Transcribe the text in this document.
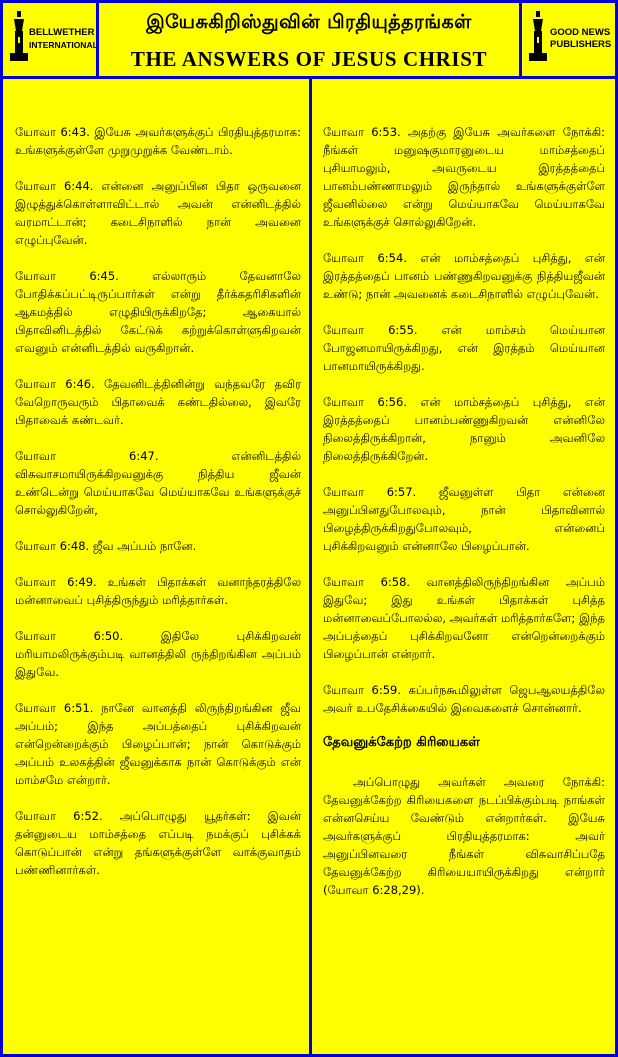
BELLWETHER
INTERNATIONAL
இயேசுகிறிஸ்துவின் பிரதியுத்தரங்கள்
THE ANSWERS OF JESUS CHRIST
GOOD NEWS
PUBLISHERS

யோவா 6:43. இயேசு அவர்களுக்குப் பிரதியுத்தரமாக: உங்களுக்குள்ளே முறுமுறுக்க வேண்டாம்.

யோவா 6:44. என்னை அனுப்பின பிதா ஒருவனை இழுத்துக்கொள்ளாவிட்டால் அவன் என்னிடத்தில் வரமாட்டான்; கடைசிநாளில் நான் அவனை எழுப்புவேன்.

யோவா 6:45. எல்லாரும் தேவனாலே போதிக்கப்பட்டிருப்பார்கள் என்று தீர்க்கதரிசிகளின் ஆகமத்தில் எழுதியிருக்கிறதே; ஆகையால் பிதாவினிடத்தில் கேட்டுக் கற்றுக்கொள்ளுகிறவன் எவனும் என்னிடத்தில் வருகிறான்.

யோவா 6:46. தேவனிடத்தினின்று வந்தவரே தவிர வேறொருவரும் பிதாவைக் கண்டதில்லை, இவரே பிதாவைக் கண்டவர்.

யோவா 6:47. என்னிடத்தில் விசுவாசமாயிருக்கிறவனுக்கு நித்திய ஜீவன் உண்டென்று மெய்யாகவே மெய்யாகவே உங்களுக்குச் சொல்லுகிறேன்,

யோவா 6:48. ஜீவ அப்பம் நானே.

யோவா 6:49. உங்கள் பிதாக்கள் வனாந்தரத்திலே மன்னாவைப் புசித்திருந்தும் மரித்தார்கள்.

யோவா 6:50. இதிலே புசிக்கிறவன் மரியாமலிருக்கும்படி வானத்திலி ருந்திறங்கின அப்பம் இதுவே.

யோவா 6:51. நானே வானத்தி லிருந்திறங்கின ஜீவ அப்பம்; இந்த அப்பத்தைப் புசிக்கிறவன் என்றென்றைக்கும் பிழைப்பான்; நான் கொடுக்கும் அப்பம் உலகத்தின் ஜீவனுக்காக நான் கொடுக்கும் என் மாம்சமே என்றார்.

யோவா 6:52. அப்பொழுது யூதர்கள்: இவன் தன்னுடைய மாம்சத்தை எப்படி நமக்குப் புசிக்கக் கொடுப்பான் என்று தங்களுக்குள்ளே வாக்குவாதம் பண்ணினார்கள்.

யோவா 6:53. அதற்கு இயேசு அவர்களை நோக்கி: நீங்கள் மனுஷகுமாரனுடைய மாம்சத்தைப் புசியாமலும், அவருடைய இரத்தத்தைப் பானம்பண்ணாமலும் இருந்தால் உங்களுக்குள்ளே ஜீவனில்லை என்று மெய்யாகவே மெய்யாகவே உங்களுக்குச் சொல்லுகிறேன்.

யோவா 6:54. என் மாம்சத்தைப் புசித்து, என் இரத்தத்தைப் பானம் பண்ணுகிறவனுக்கு நித்தியஜீவன் உண்டு; நான் அவனைக் கடைசிநாளில் எழுப்புவேன்.

யோவா 6:55. என் மாம்சம் மெய்யான போஜனமாயிருக்கிறது, என் இரத்தம் மெய்யான பானமாயிருக்கிறது.

யோவா 6:56. என் மாம்சத்தைப் புசித்து, என் இரத்தத்தைப் பானம்பண்ணுகிறவன் என்னிலே நிலைத்திருக்கிறான், நானும் அவனிலே நிலைத்திருக்கிறேன்.

யோவா 6:57. ஜீவனுள்ள பிதா என்னை அனுப்பினதுபோலவும், நான் பிதாவினால் பிழைத்திருக்கிறதுபோலவும், என்னைப் புசிக்கிறவனும் என்னாலே பிழைப்பான்.

யோவா 6:58. வானத்திலிருந்திறங்கின அப்பம் இதுவே; இது உங்கள் பிதாக்கள் புசித்த மன்னாவைப்போலல்ல, அவர்கள் மரித்தார்களே; இந்த அப்பத்தைப் புசிக்கிறவனோ என்றென்றைக்கும் பிழைப்பான் என்றார்.

யோவா 6:59. கப்பர்நகூமிலுள்ள ஜெபஆலயத்திலே அவர் உபதேசிக்கையில் இவைகளைச் சொன்னார்.

தேவனுக்கேற்ற கிரியைகள்

அப்பொழுது அவர்கள் அவரை நோக்கி: தேவனுக்கேற்ற கிரியைகளை நடப்பிக்கும்படி நாங்கள் என்னசெய்ய வேண்டும் என்றார்கள். இயேசு அவர்களுக்குப் பிரதியுத்தரமாக: அவர் அனுப்பினவரை நீங்கள் விசுவாசிப்பதே தேவனுக்கேற்ற கிரியையாயிருக்கிறது என்றார் (யோவா 6:28,29).
